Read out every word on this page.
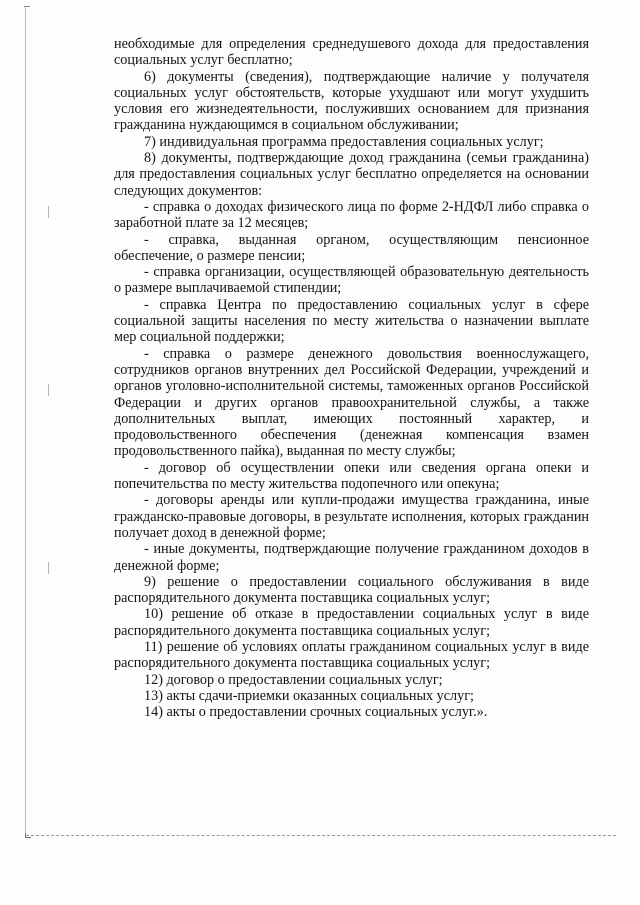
необходимые для определения среднедушевого дохода для предоставления социальных услуг бесплатно;

6) документы (сведения), подтверждающие наличие у получателя социальных услуг обстоятельств, которые ухудшают или могут ухудшить условия его жизнедеятельности, послуживших основанием для признания гражданина нуждающимся в социальном обслуживании;

7) индивидуальная программа предоставления социальных услуг;

8) документы, подтверждающие доход гражданина (семьи гражданина) для предоставления социальных услуг бесплатно определяется на основании следующих документов:

- справка о доходах физического лица по форме 2-НДФЛ либо справка о заработной плате за 12 месяцев;

- справка, выданная органом, осуществляющим пенсионное обеспечение, о размере пенсии;

- справка организации, осуществляющей образовательную деятельность о размере выплачиваемой стипендии;

- справка Центра по предоставлению социальных услуг в сфере социальной защиты населения по месту жительства о назначении выплате мер социальной поддержки;

- справка о размере денежного довольствия военнослужащего, сотрудников органов внутренних дел Российской Федерации, учреждений и органов уголовно-исполнительной системы, таможенных органов Российской Федерации и других органов правоохранительной службы, а также дополнительных выплат, имеющих постоянный характер, и продовольственного обеспечения (денежная компенсация взамен продовольственного пайка), выданная по месту службы;

- договор об осуществлении опеки или сведения органа опеки и попечительства по месту жительства подопечного или опекуна;

- договоры аренды или купли-продажи имущества гражданина, иные гражданско-правовые договоры, в результате исполнения, которых гражданин получает доход в денежной форме;

- иные документы, подтверждающие получение гражданином доходов в денежной форме;

9) решение о предоставлении социального обслуживания в виде распорядительного документа поставщика социальных услуг;

10) решение об отказе в предоставлении социальных услуг в виде распорядительного документа поставщика социальных услуг;

11) решение об условиях оплаты гражданином социальных услуг в виде распорядительного документа поставщика социальных услуг;

12) договор о предоставлении социальных услуг;

13) акты сдачи-приемки оказанных социальных услуг;

14) акты о предоставлении срочных социальных услуг.».
